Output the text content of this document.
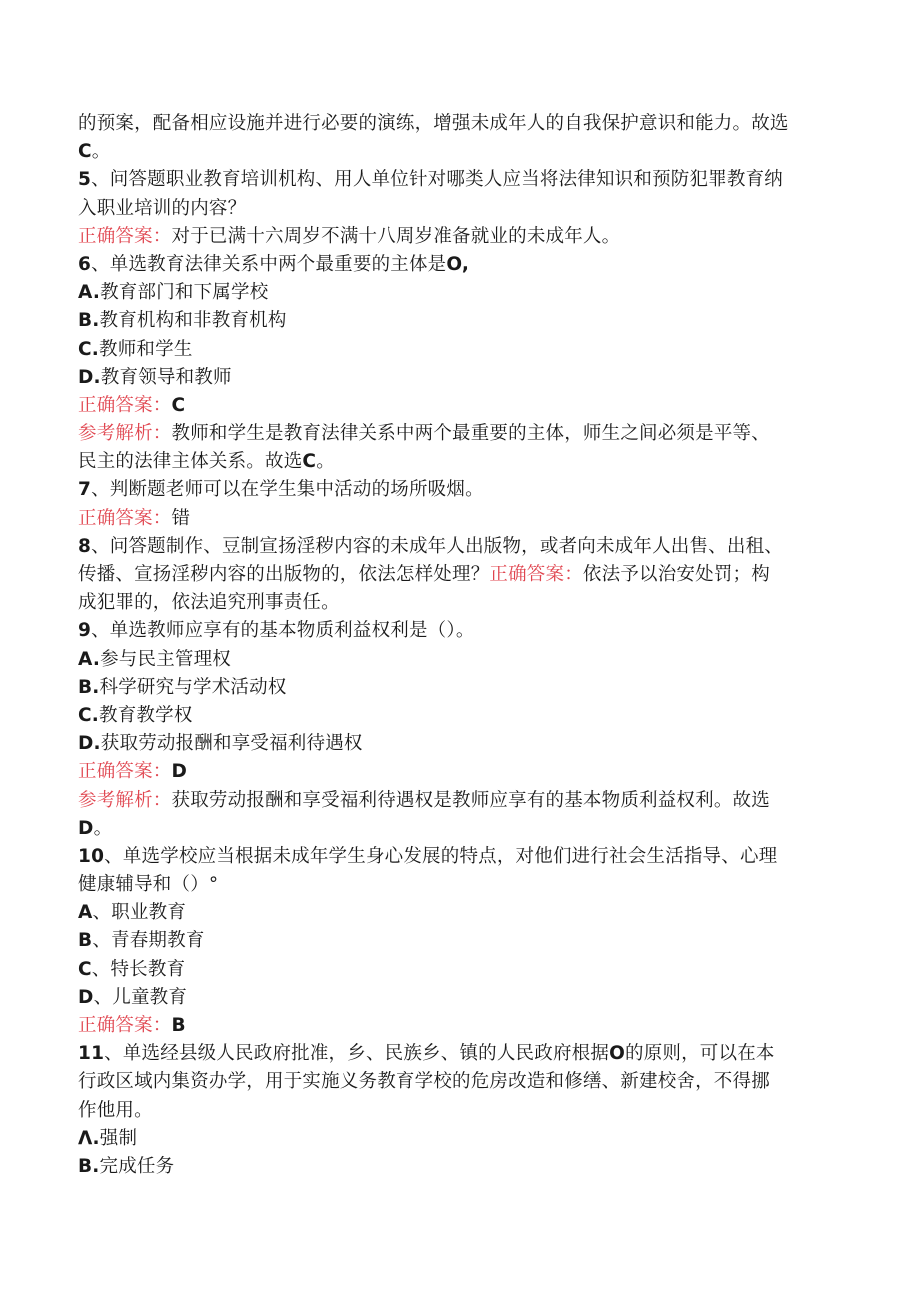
的预案，配备相应设施并进行必要的演练，增强未成年人的自我保护意识和能力。故选
C。
5、问答题职业教育培训机构、用人单位针对哪类人应当将法律知识和预防犯罪教育纳
入职业培训的内容？
正确答案：对于已满十六周岁不满十八周岁准备就业的未成年人。
6、单选教育法律关系中两个最重要的主体是O,
A.教育部门和下属学校
B.教育机构和非教育机构
C.教师和学生
D.教育领导和教师
正确答案：C
参考解析：教师和学生是教育法律关系中两个最重要的主体，师生之间必须是平等、
民主的法律主体关系。故选C。
7、判断题老师可以在学生集中活动的场所吸烟。
正确答案：错
8、问答题制作、豆制宣扬淫秽内容的未成年人出版物，或者向未成年人出售、出租、
传播、宣扬淫秽内容的出版物的，依法怎样处理？正确答案：依法予以治安处罚；构
成犯罪的，依法追究刑事责任。
9、单选教师应享有的基本物质利益权利是（）。
A.参与民主管理权
B.科学研究与学术活动权
C.教育教学权
D.获取劳动报酬和享受福利待遇权
正确答案：D
参考解析：获取劳动报酬和享受福利待遇权是教师应享有的基本物质利益权利。故选
D。
10、单选学校应当根据未成年学生身心发展的特点，对他们进行社会生活指导、心理
健康辅导和（）°
A、职业教育
B、青春期教育
C、特长教育
D、儿童教育
正确答案：B
11、单选经县级人民政府批准，乡、民族乡、镇的人民政府根据O的原则，可以在本
行政区域内集资办学，用于实施义务教育学校的危房改造和修缮、新建校舍，不得挪
作他用。
Λ.强制
B.完成任务
